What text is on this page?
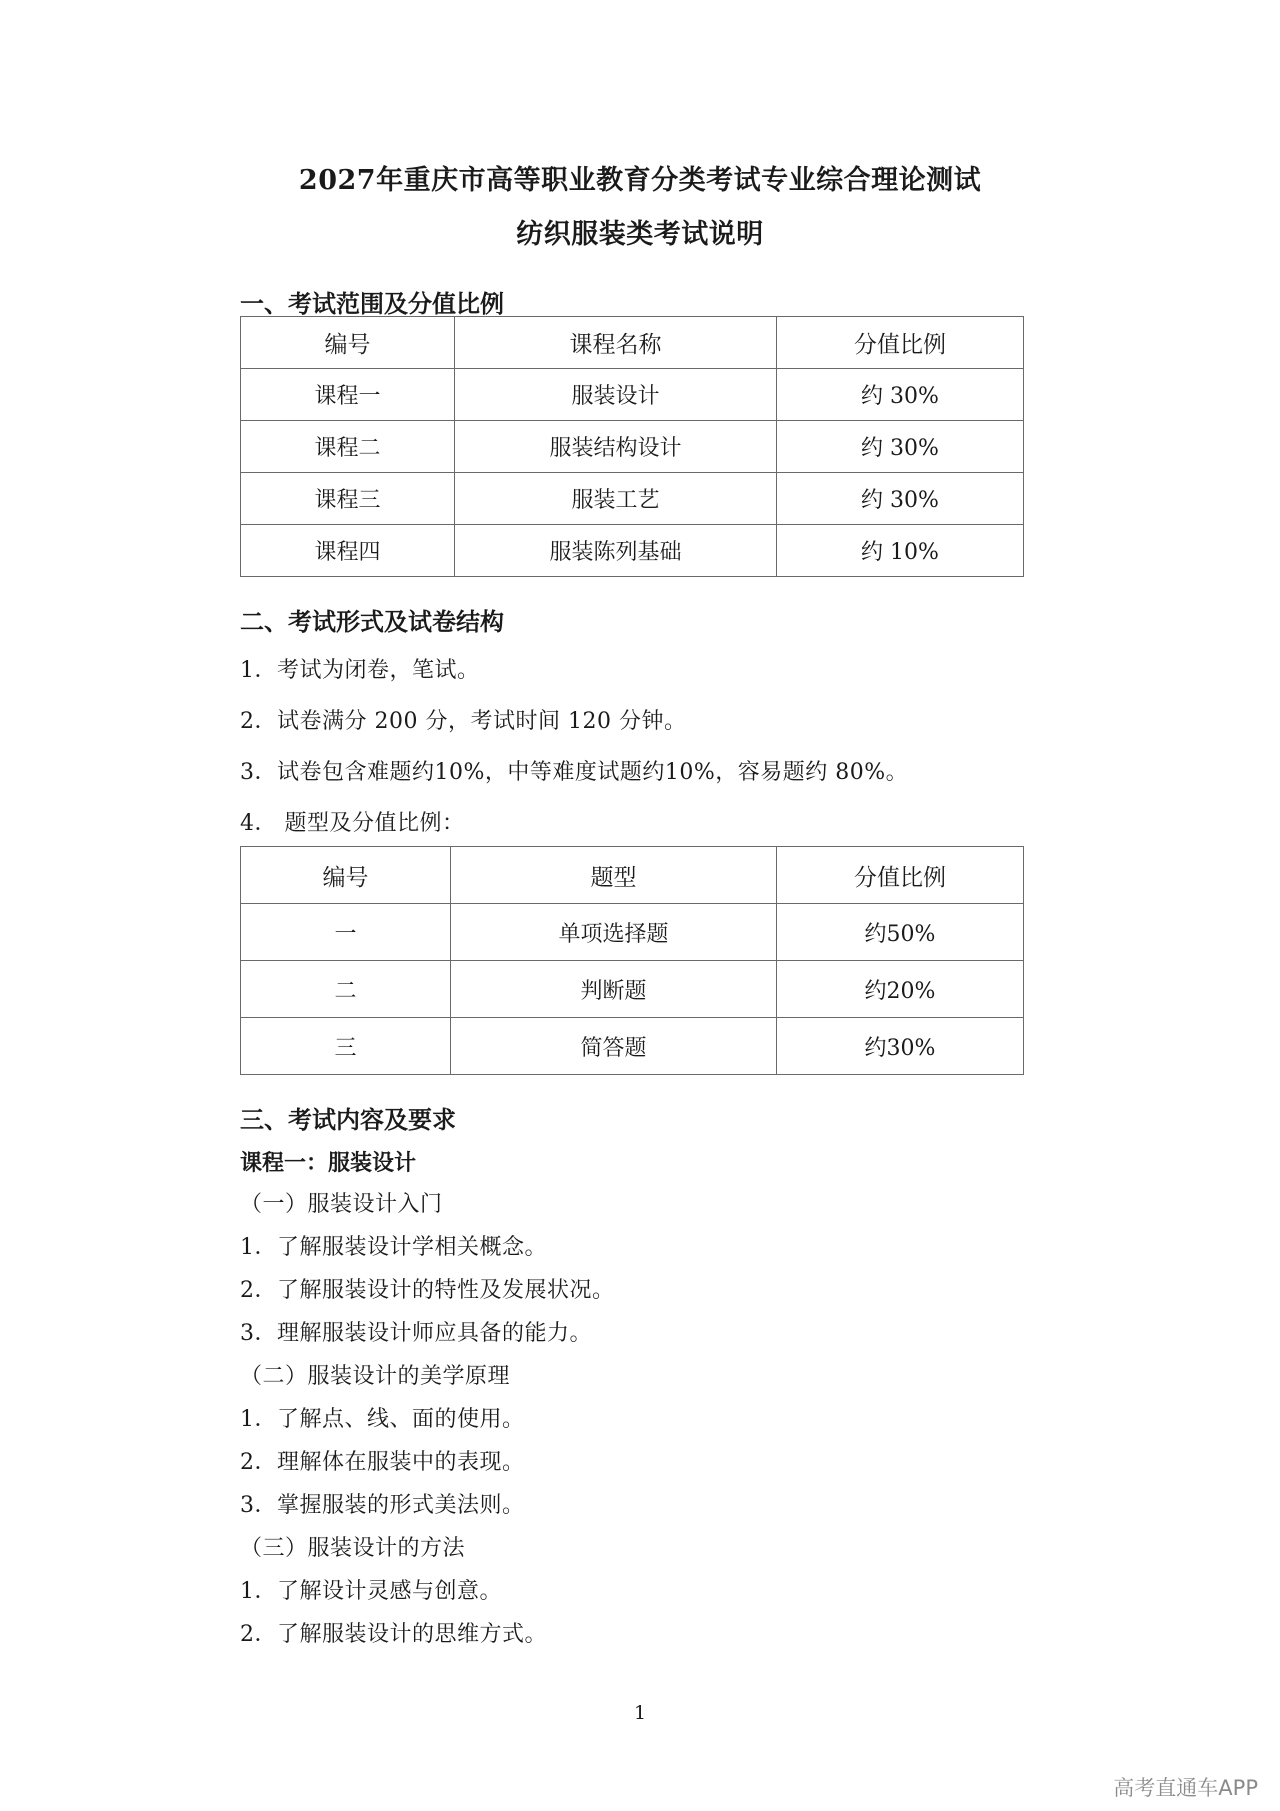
2027年重庆市高等职业教育分类考试专业综合理论测试
纺织服装类考试说明
一、考试范围及分值比例
编号	课程名称	分值比例
课程一	服装设计	约 30%
课程二	服装结构设计	约 30%
课程三	服装工艺	约 30%
课程四	服装陈列基础	约 10%
二、考试形式及试卷结构
1．考试为闭卷，笔试。
2．试卷满分 200 分，考试时间 120 分钟。
3．试卷包含难题约10%，中等难度试题约10%，容易题约 80%。
4． 题型及分值比例：
编号	题型	分值比例
一	单项选择题	约50%
二	判断题	约20%
三	简答题	约30%
三、考试内容及要求
课程一：服装设计
（一）服装设计入门
1．了解服装设计学相关概念。
2．了解服装设计的特性及发展状况。
3．理解服装设计师应具备的能力。
（二）服装设计的美学原理
1．了解点、线、面的使用。
2．理解体在服装中的表现。
3．掌握服装的形式美法则。
（三）服装设计的方法
1．了解设计灵感与创意。
2．了解服装设计的思维方式。
1
高考直通车APP
